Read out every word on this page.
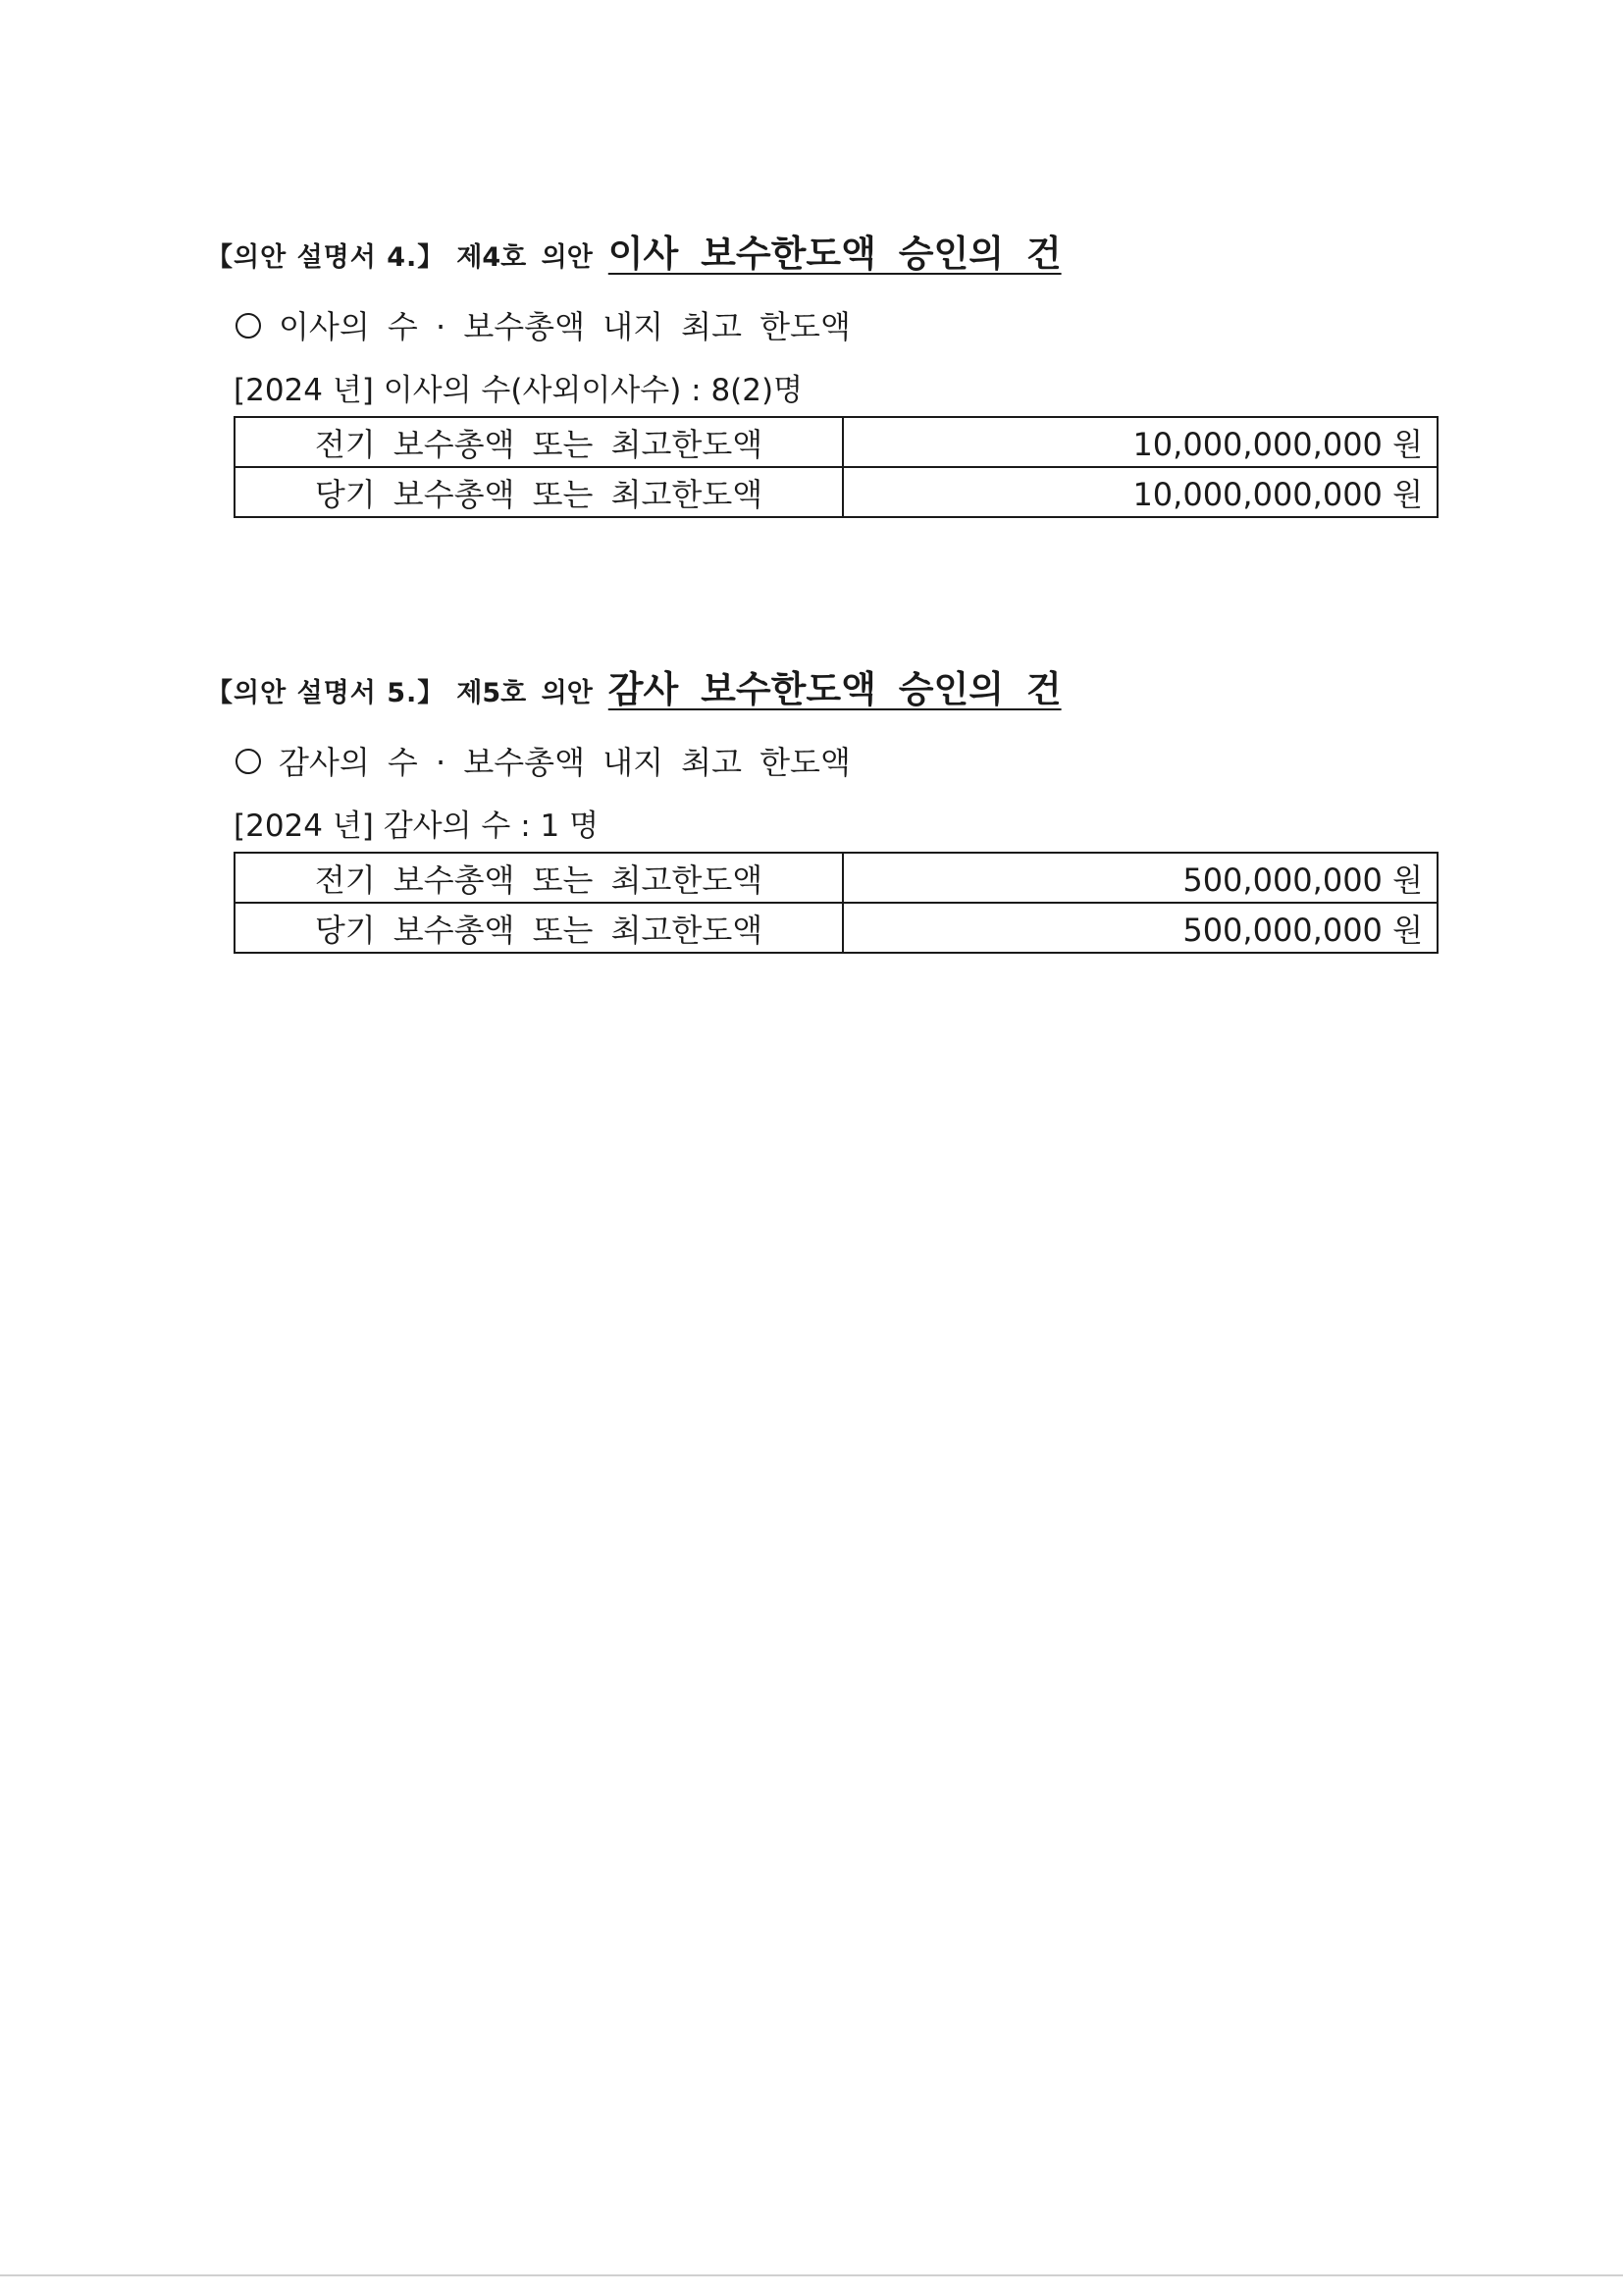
【의안 설명서 4.】 제4호 의안 이사 보수한도액 승인의 건
이사의 수 · 보수총액 내지 최고 한도액
[2024 년] 이사의 수(사외이사수) : 8(2)명
전기 보수총액 또는 최고한도액	10,000,000,000 원
당기 보수총액 또는 최고한도액	10,000,000,000 원
【의안 설명서 5.】 제5호 의안 감사 보수한도액 승인의 건
감사의 수 · 보수총액 내지 최고 한도액
[2024 년] 감사의 수 : 1 명
전기 보수총액 또는 최고한도액	500,000,000 원
당기 보수총액 또는 최고한도액	500,000,000 원
